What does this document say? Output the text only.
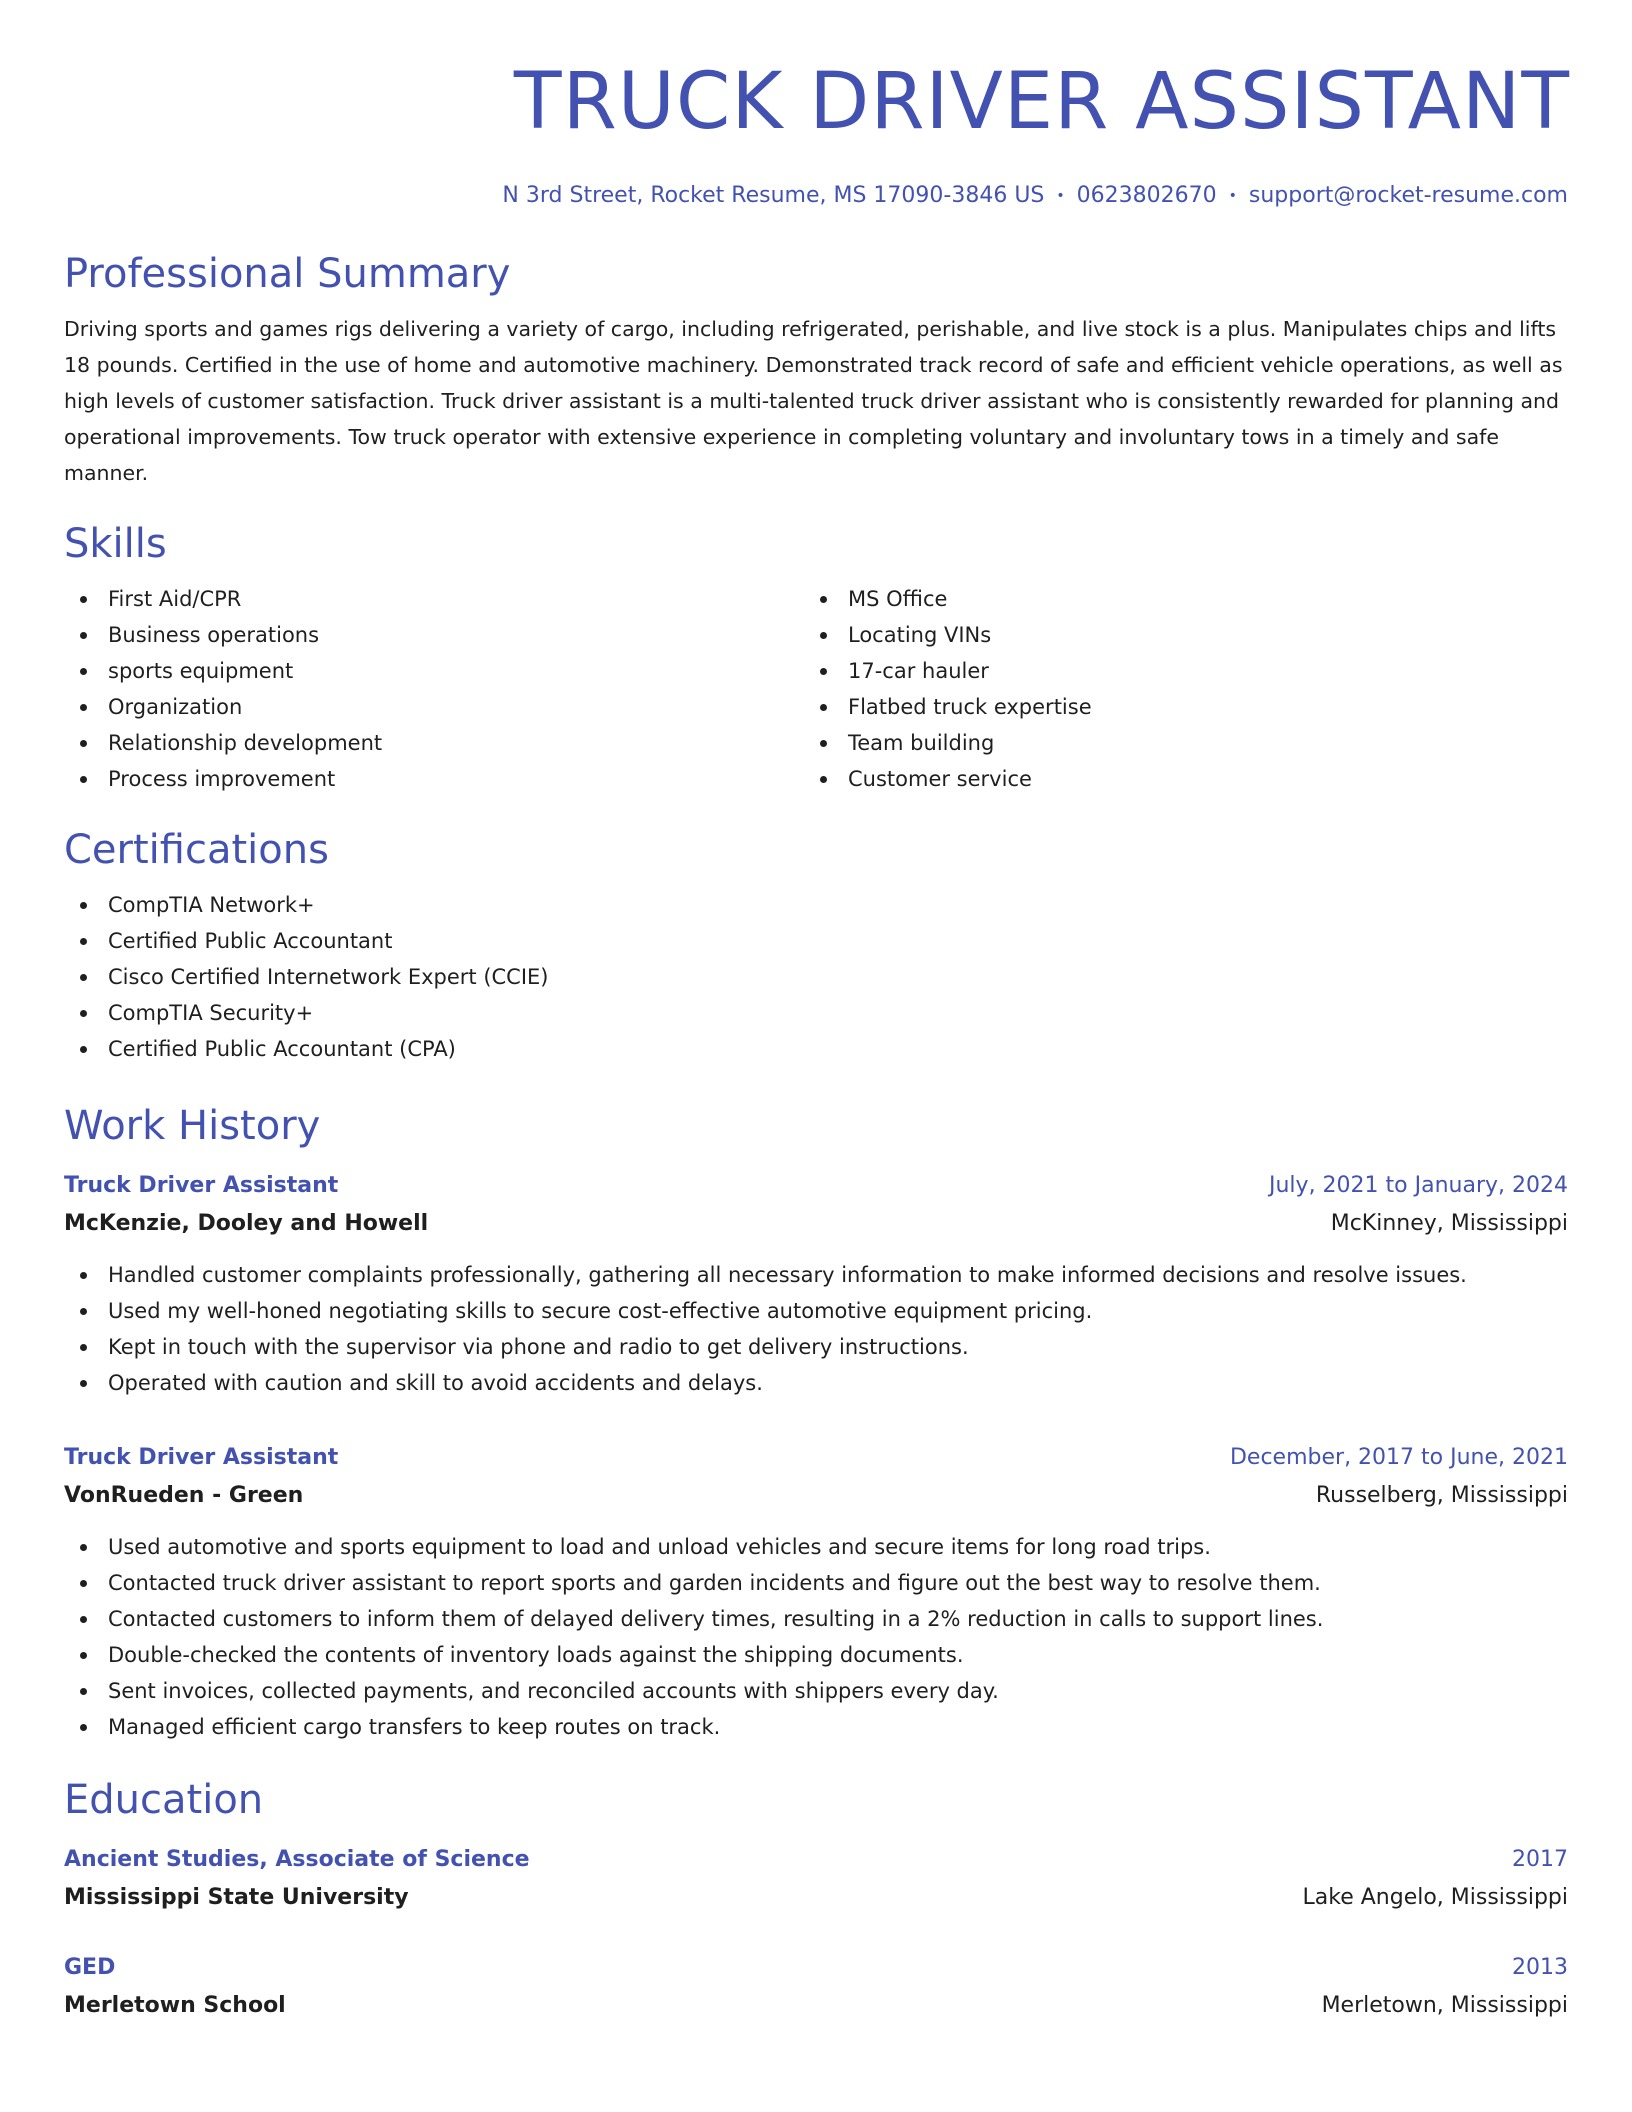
TRUCK DRIVER ASSISTANT
N 3rd Street, Rocket Resume, MS 17090-3846 US • 0623802670 • support@rocket-resume.com
Professional Summary

Driving sports and games rigs delivering a variety of cargo, including refrigerated, perishable, and live stock is a plus. Manipulates chips and lifts 18 pounds. Certified in the use of home and automotive machinery. Demonstrated track record of safe and efficient vehicle operations, as well as high levels of customer satisfaction. Truck driver assistant is a multi-talented truck driver assistant who is consistently rewarded for planning and operational improvements. Tow truck operator with extensive experience in completing voluntary and involuntary tows in a timely and safe manner.

Skills
First Aid/CPR
Business operations
sports equipment
Organization
Relationship development
Process improvement
MS Office
Locating VINs
17-car hauler
Flatbed truck expertise
Team building
Customer service
Certifications
CompTIA Network+
Certified Public Accountant
Cisco Certified Internetwork Expert (CCIE)
CompTIA Security+
Certified Public Accountant (CPA)
Work History
Truck Driver Assistant	July, 2021 to January, 2024
McKenzie, Dooley and Howell	McKinney, Mississippi
Handled customer complaints professionally, gathering all necessary information to make informed decisions and resolve issues.
Used my well-honed negotiating skills to secure cost-effective automotive equipment pricing.
Kept in touch with the supervisor via phone and radio to get delivery instructions.
Operated with caution and skill to avoid accidents and delays.
Truck Driver Assistant	December, 2017 to June, 2021
VonRueden - Green	Russelberg, Mississippi
Used automotive and sports equipment to load and unload vehicles and secure items for long road trips.
Contacted truck driver assistant to report sports and garden incidents and figure out the best way to resolve them.
Contacted customers to inform them of delayed delivery times, resulting in a 2% reduction in calls to support lines.
Double-checked the contents of inventory loads against the shipping documents.
Sent invoices, collected payments, and reconciled accounts with shippers every day.
Managed efficient cargo transfers to keep routes on track.
Education
Ancient Studies, Associate of Science	2017
Mississippi State University	Lake Angelo, Mississippi
GED	2013
Merletown School	Merletown, Mississippi
